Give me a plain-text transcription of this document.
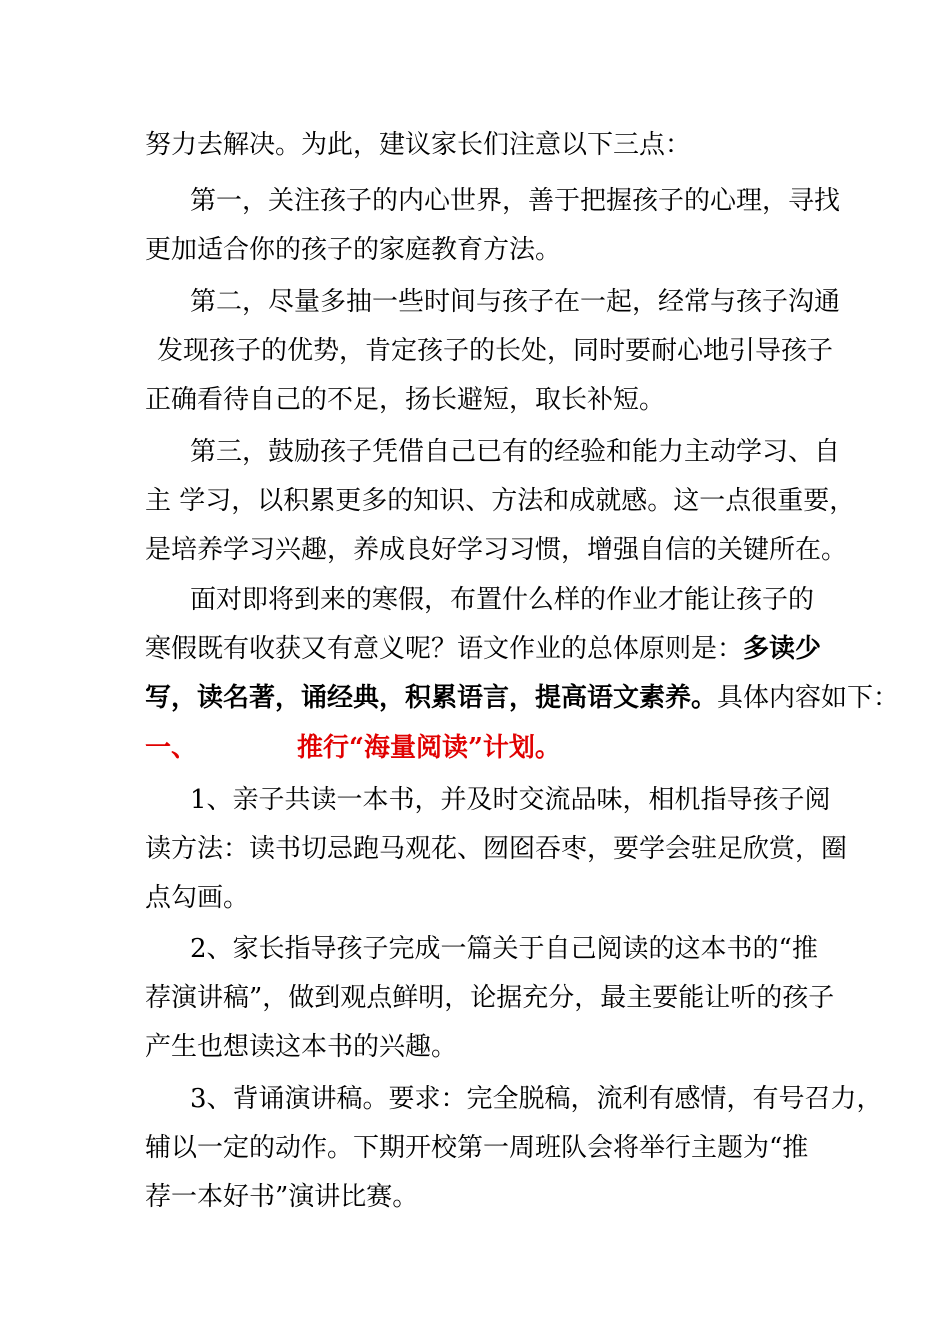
努力去解决。为此，建议家长们注意以下三点：
第一，关注孩子的内心世界，善于把握孩子的心理，寻找
更加适合你的孩子的家庭教育方法。
第二，尽量多抽一些时间与孩子在一起，经常与孩子沟通
发现孩子的优势，肯定孩子的长处，同时要耐心地引导孩子
正确看待自己的不足，扬长避短，取长补短。
第三，鼓励孩子凭借自己已有的经验和能力主动学习、自
主 学习，以积累更多的知识、方法和成就感。这一点很重要，
是培养学习兴趣，养成良好学习习惯，增强自信的关键所在。
面对即将到来的寒假，布置什么样的作业才能让孩子的
寒假既有收获又有意义呢？语文作业的总体原则是：多读少
写，读名著，诵经典，积累语言，提高语文素养。具体内容如下：
一、	推行“海量阅读”计划。
1、亲子共读一本书，并及时交流品味，相机指导孩子阅
读方法：读书切忌跑马观花、囫囵吞枣，要学会驻足欣赏，圈
点勾画。
2、家长指导孩子完成一篇关于自己阅读的这本书的“推
荐演讲稿”，做到观点鲜明，论据充分，最主要能让听的孩子
产生也想读这本书的兴趣。
3、背诵演讲稿。要求：完全脱稿，流利有感情，有号召力，
辅以一定的动作。下期开校第一周班队会将举行主题为“推
荐一本好书”演讲比赛。
